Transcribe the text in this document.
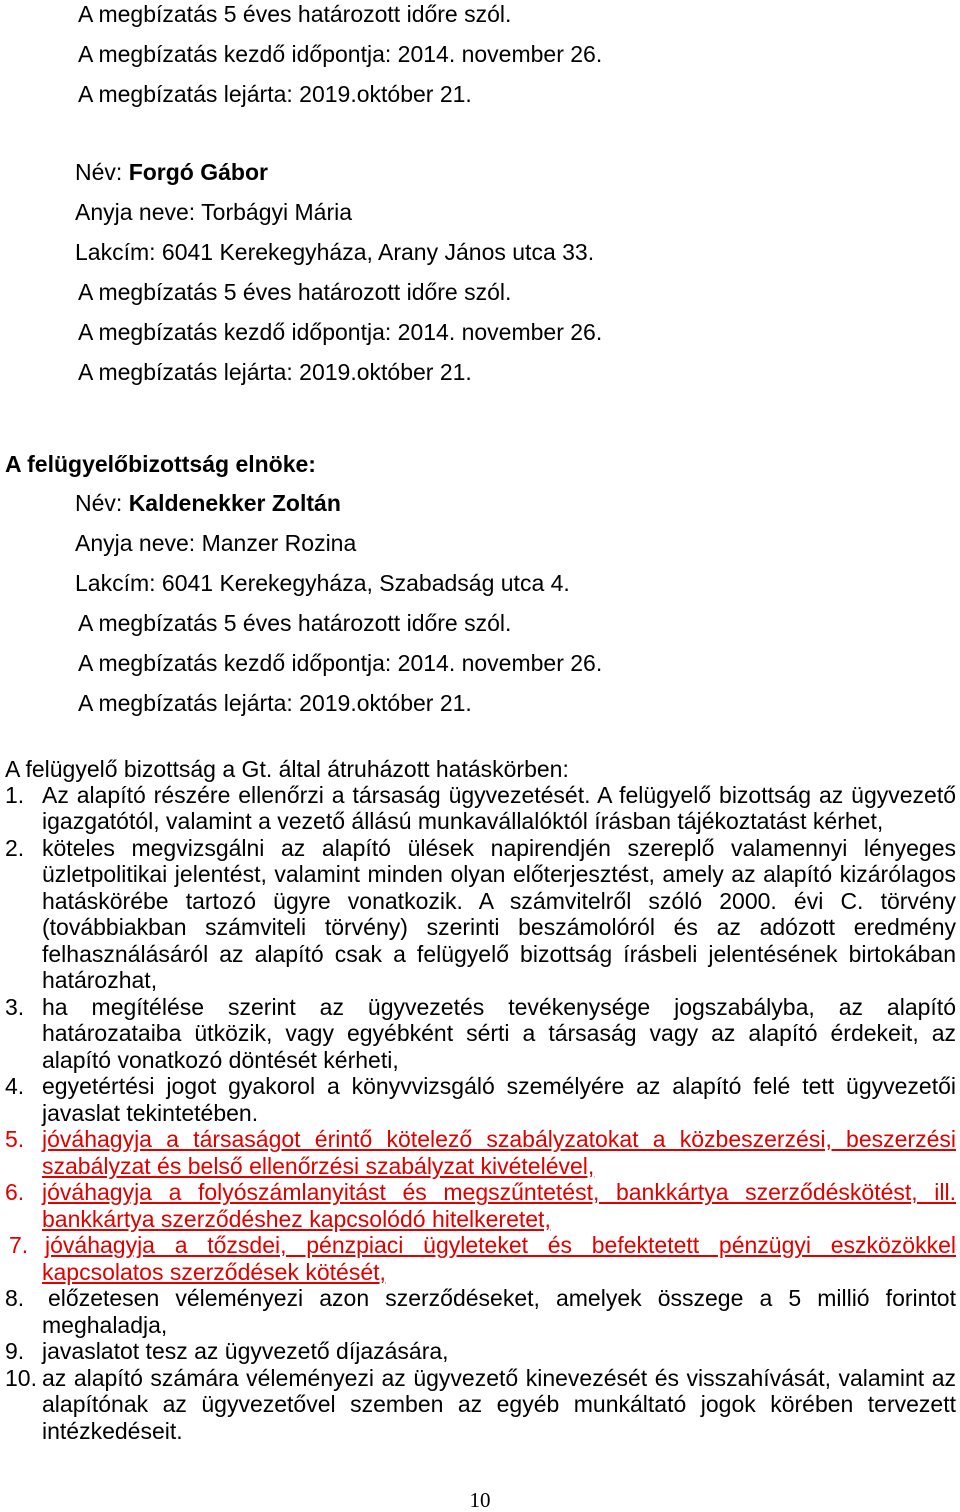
A megbízatás 5 éves határozott időre szól.
A megbízatás kezdő időpontja: 2014. november 26.
A megbízatás lejárta: 2019.október 21.
Név: Forgó Gábor
Anyja neve: Torbágyi Mária
Lakcím: 6041 Kerekegyháza, Arany János utca 33.
A megbízatás 5 éves határozott időre szól.
A megbízatás kezdő időpontja: 2014. november 26.
A megbízatás lejárta: 2019.október 21.
A felügyelőbizottság elnöke:
Név: Kaldenekker Zoltán
Anyja neve: Manzer Rozina
Lakcím: 6041 Kerekegyháza, Szabadság utca 4.
A megbízatás 5 éves határozott időre szól.
A megbízatás kezdő időpontja: 2014. november 26.
A megbízatás lejárta: 2019.október 21.
A felügyelő bizottság a Gt. által átruházott hatáskörben:
1. Az alapító részére ellenőrzi a társaság ügyvezetését. A felügyelő bizottság az ügyvezető
igazgatótól, valamint a vezető állású munkavállalóktól írásban tájékoztatást kérhet,
2. köteles megvizsgálni az alapító ülések napirendjén szereplő valamennyi lényeges
üzletpolitikai jelentést, valamint minden olyan előterjesztést, amely az alapító kizárólagos
hatáskörébe tartozó ügyre vonatkozik. A számvitelről szóló 2000. évi C. törvény
(továbbiakban számviteli törvény) szerinti beszámolóról és az adózott eredmény
felhasználásáról az alapító csak a felügyelő bizottság írásbeli jelentésének birtokában
határozhat,
3. ha megítélése szerint az ügyvezetés tevékenysége jogszabályba, az alapító
határozataiba ütközik, vagy egyébként sérti a társaság vagy az alapító érdekeit, az
alapító vonatkozó döntését kérheti,
4. egyetértési jogot gyakorol a könyvvizsgáló személyére az alapító felé tett ügyvezetői
javaslat tekintetében.
5. jóváhagyja a társaságot érintő kötelező szabályzatokat a közbeszerzési, beszerzési
szabályzat és belső ellenőrzési szabályzat kivételével,
6. jóváhagyja a folyószámlanyitást és megszűntetést, bankkártya szerződéskötést, ill.
bankkártya szerződéshez kapcsolódó hitelkeretet,
7. jóváhagyja a tőzsdei, pénzpiaci ügyleteket és befektetett pénzügyi eszközökkel
kapcsolatos szerződések kötését,
8. előzetesen véleményezi azon szerződéseket, amelyek összege a 5 millió forintot
meghaladja,
9. javaslatot tesz az ügyvezető díjazására,
10. az alapító számára véleményezi az ügyvezető kinevezését és visszahívását, valamint az
alapítónak az ügyvezetővel szemben az egyéb munkáltató jogok körében tervezett
intézkedéseit.
10
